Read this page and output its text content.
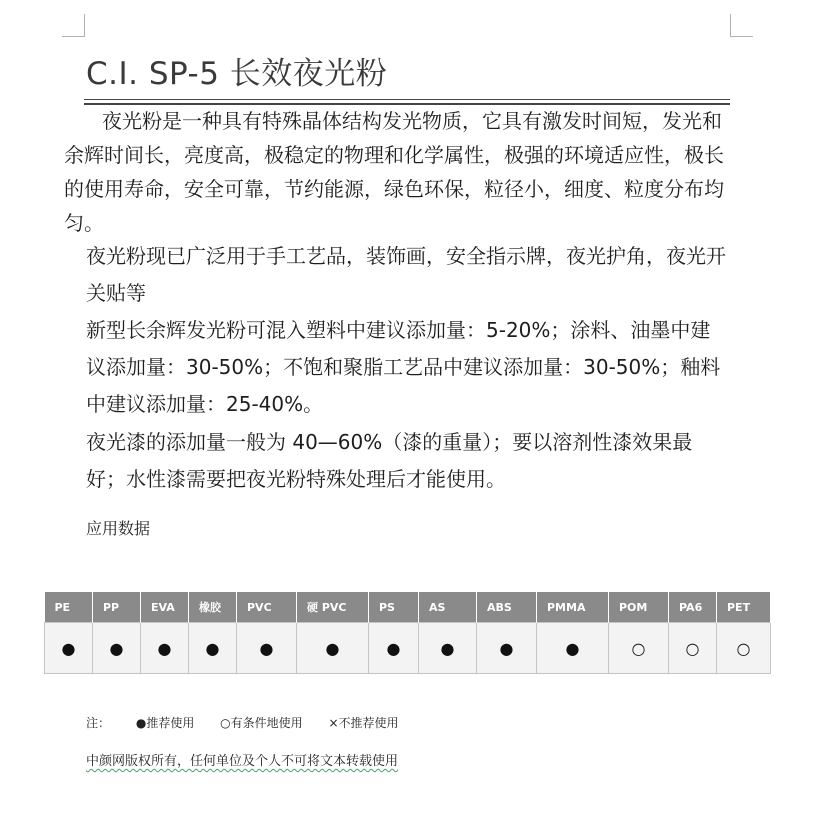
C.I. SP-5 长效夜光粉

夜光粉是一种具有特殊晶体结构发光物质，它具有激发时间短，发光和余辉时间长，亮度高，极稳定的物理和化学属性，极强的环境适应性，极长的使用寿命，安全可靠，节约能源，绿色环保，粒径小，细度、粒度分布均匀。

夜光粉现已广泛用于手工艺品，装饰画，安全指示牌，夜光护角，夜光开关贴等

新型长余辉发光粉可混入塑料中建议添加量：5-20%；涂料、油墨中建议添加量：30-50%；不饱和聚脂工艺品中建议添加量：30-50%；釉料中建议添加量：25-40%。

夜光漆的添加量一般为 40—60%（漆的重量）；要以溶剂性漆效果最好；水性漆需要把夜光粉特殊处理后才能使用。

应用数据
PE	PP	EVA	橡胶	PVC	硬 PVC	PS	AS	ABS	PMMA	POM	PA6	PET
●	●	●	●	●	●	●	●	●	●	○	○	○
注： ●推荐使用 ○有条件地使用 ×不推荐使用
中颜网版权所有，任何单位及个人不可将文本转载使用
